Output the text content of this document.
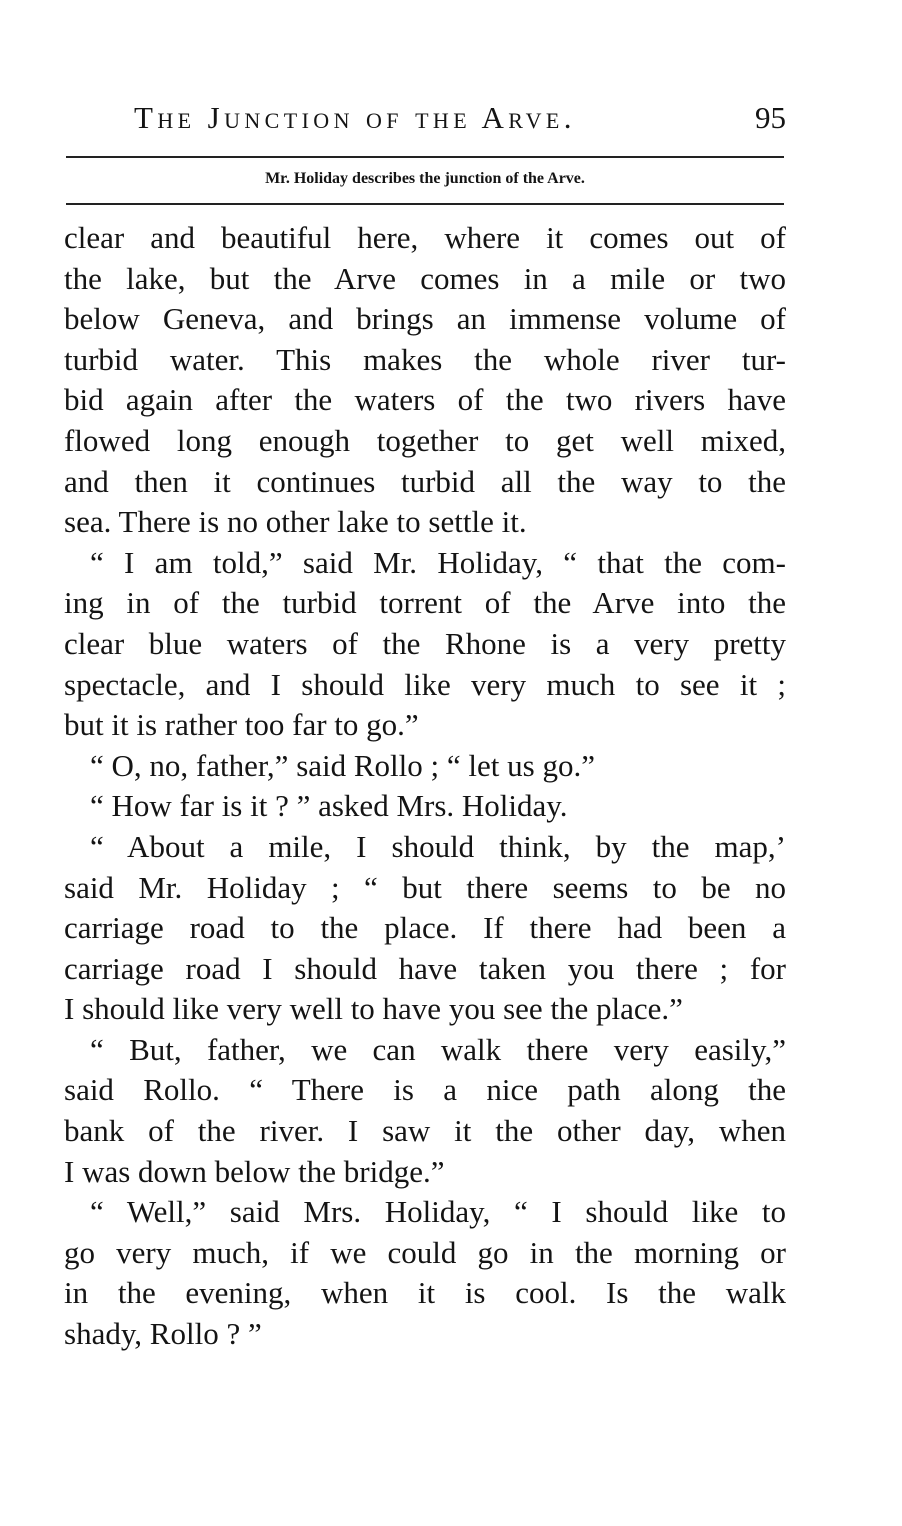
The Junction of the Arve.	95
Mr. Holiday describes the junction of the Arve.
clear and beautiful here, where it comes out of
the lake, but the Arve comes in a mile or two
below Geneva, and brings an immense volume of
turbid water. This makes the whole river tur-
bid again after the waters of the two rivers have
flowed long enough together to get well mixed,
and then it continues turbid all the way to the
sea. There is no other lake to settle it.
“ I am told,” said Mr. Holiday, “ that the com-
ing in of the turbid torrent of the Arve into the
clear blue waters of the Rhone is a very pretty
spectacle, and I should like very much to see it ;
but it is rather too far to go.”
“ O, no, father,” said Rollo ; “ let us go.”
“ How far is it ? ” asked Mrs. Holiday.
“ About a mile, I should think, by the map,’
said Mr. Holiday ; “ but there seems to be no
carriage road to the place. If there had been a
carriage road I should have taken you there ; for
I should like very well to have you see the place.”
“ But, father, we can walk there very easily,”
said Rollo. “ There is a nice path along the
bank of the river. I saw it the other day, when
I was down below the bridge.”
“ Well,” said Mrs. Holiday, “ I should like to
go very much, if we could go in the morning or
in the evening, when it is cool. Is the walk
shady, Rollo ? ”
